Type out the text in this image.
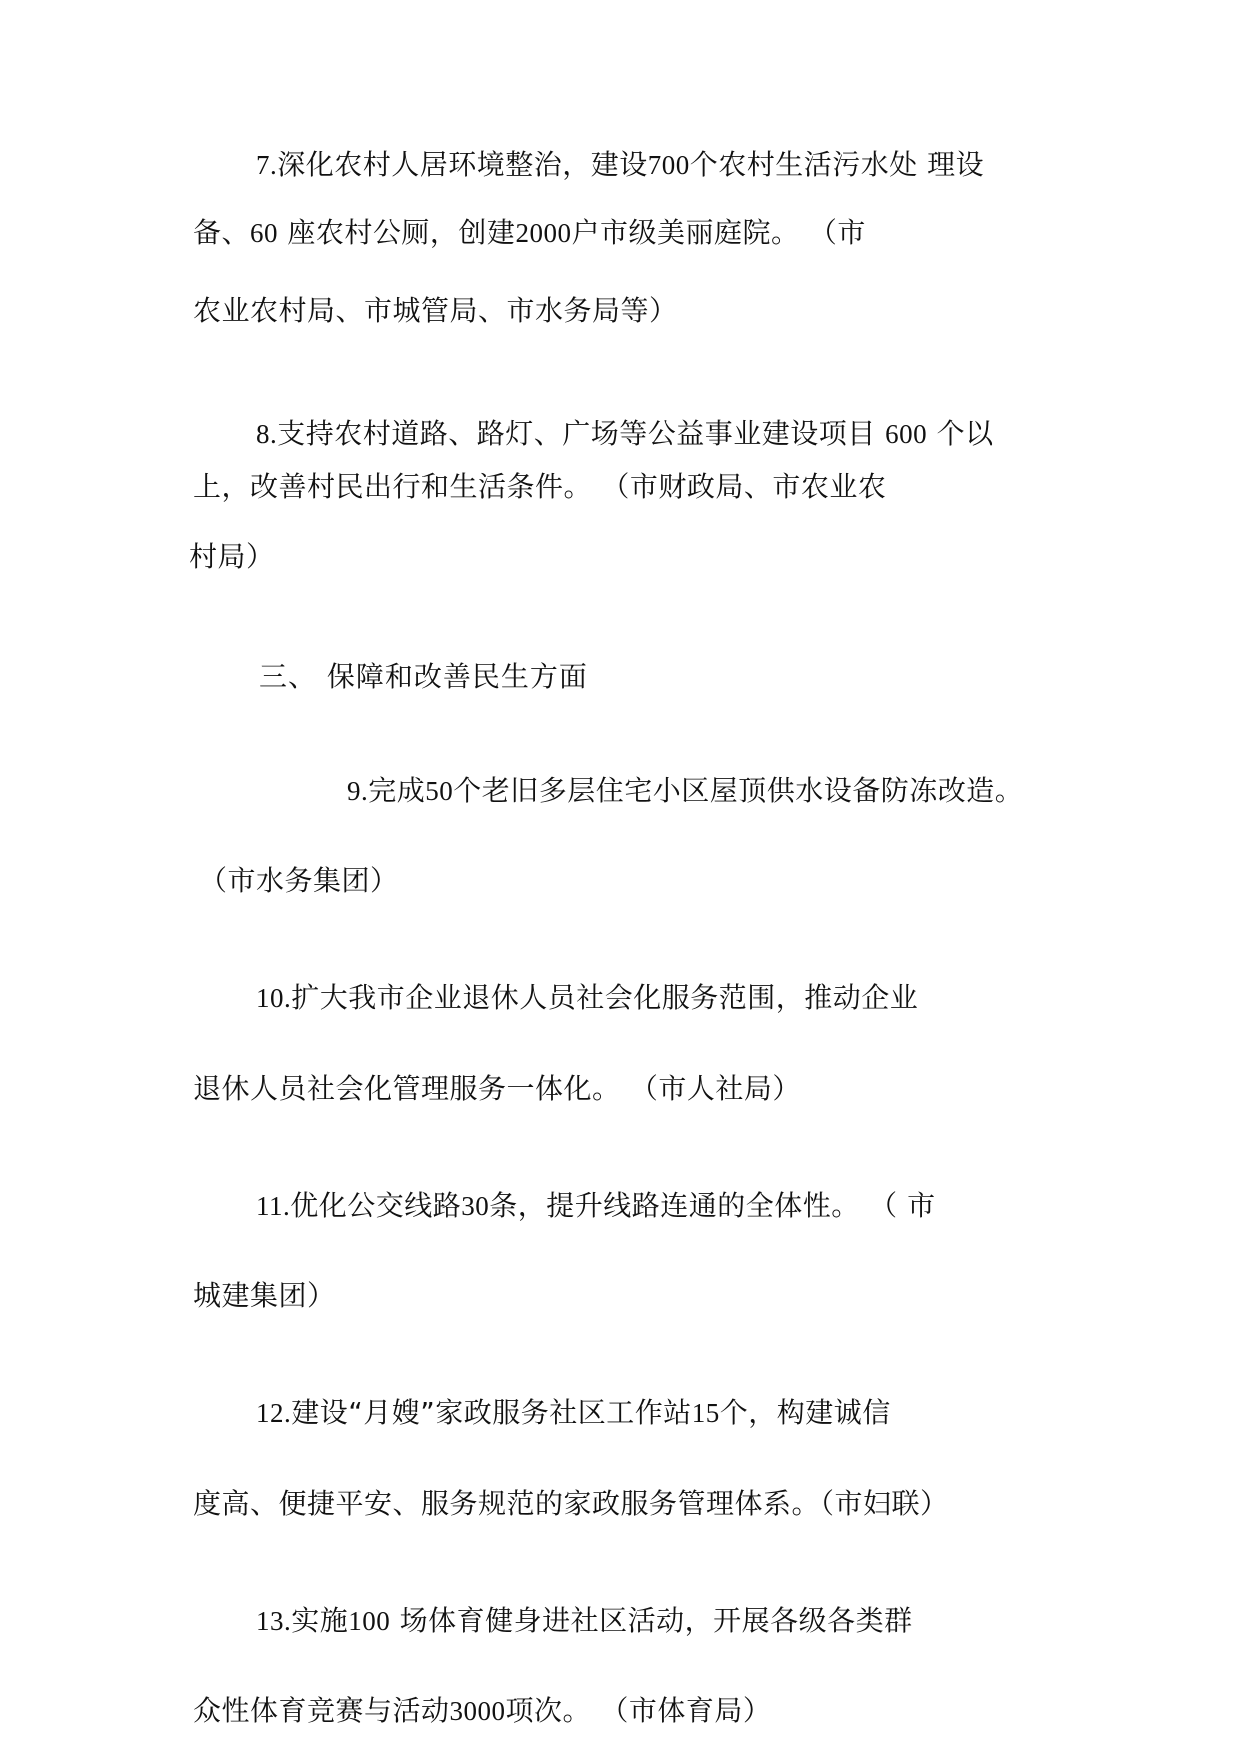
7.深化农村人居环境整治，建设700个农村生活污水处 理设
备、60 座农村公厕，创建2000户市级美丽庭院。 （市
农业农村局、市城管局、市水务局等）
8.支持农村道路、路灯、广场等公益事业建设项目 600 个以
上，改善村民出行和生活条件。 （市财政局、市农业农
村局）
三、 保障和改善民生方面
9.完成50个老旧多层住宅小区屋顶供水设备防冻改造。
（市水务集团）
10.扩大我市企业退休人员社会化服务范围，推动企业
退休人员社会化管理服务一体化。 （市人社局）
11.优化公交线路30条，提升线路连通的全体性。 （ 市
城建集团）
12.建设“月嫂”家政服务社区工作站15个，构建诚信
度高、便捷平安、服务规范的家政服务管理体系。（市妇联）
13.实施100 场体育健身进社区活动，开展各级各类群
众性体育竞赛与活动3000项次。 （市体育局）
